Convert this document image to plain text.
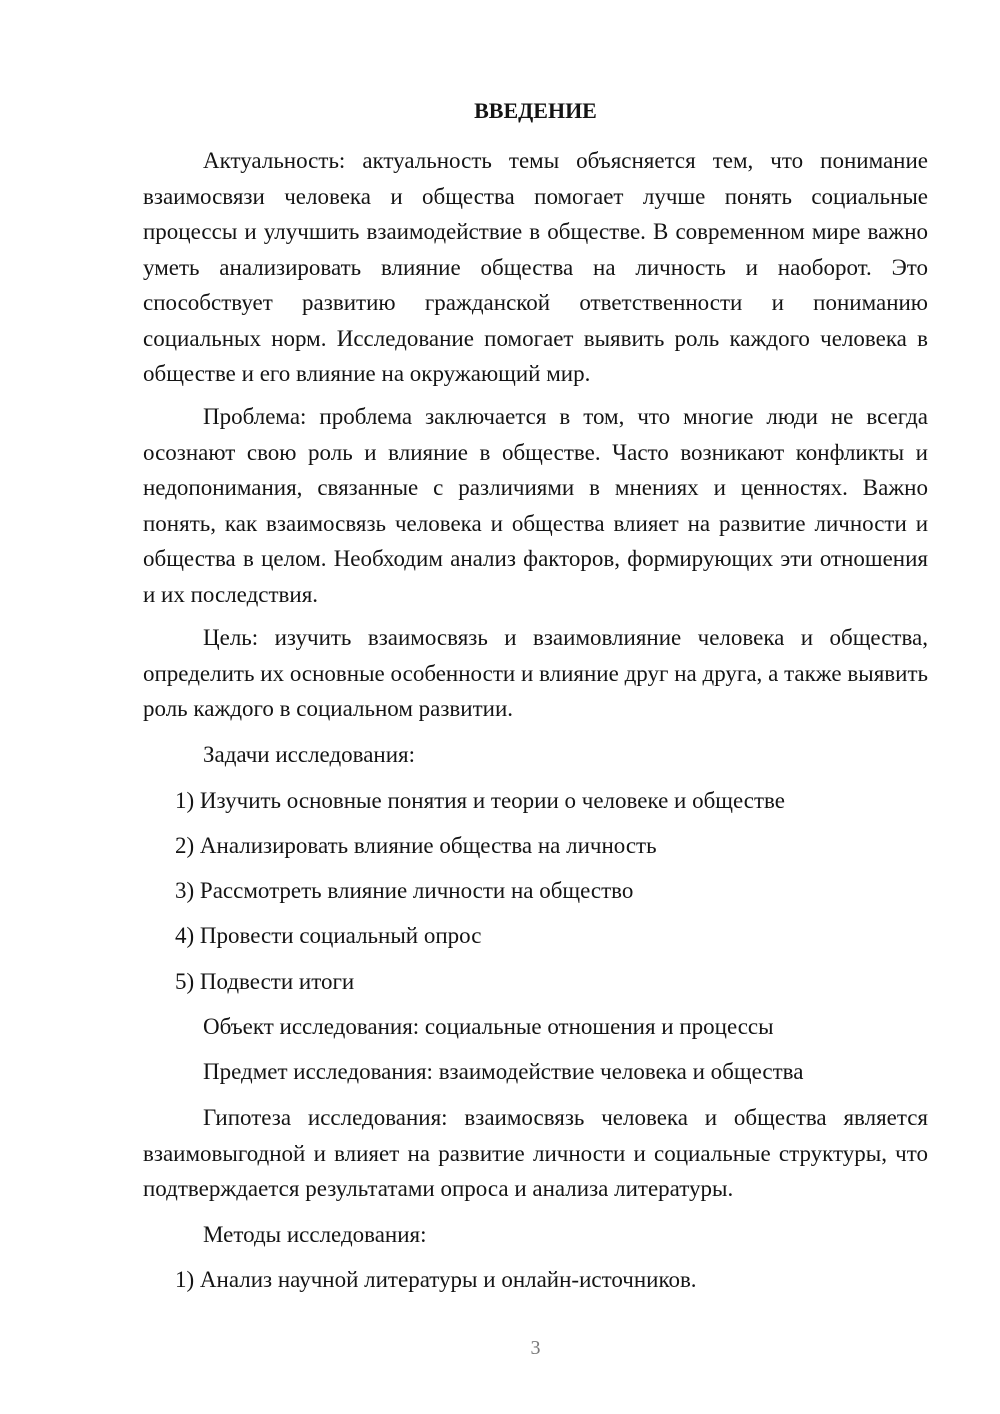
ВВЕДЕНИЕ

Актуальность: актуальность темы объясняется тем, что понимание взаимосвязи человека и общества помогает лучше понять социальные процессы и улучшить взаимодействие в обществе. В современном мире важно уметь анализировать влияние общества на личность и наоборот. Это способствует развитию гражданской ответственности и пониманию социальных норм. Исследование помогает выявить роль каждого человека в обществе и его влияние на окружающий мир.

Проблема: проблема заключается в том, что многие люди не всегда осознают свою роль и влияние в обществе. Часто возникают конфликты и недопонимания, связанные с различиями в мнениях и ценностях. Важно понять, как взаимосвязь человека и общества влияет на развитие личности и общества в целом. Необходим анализ факторов, формирующих эти отношения и их последствия.

Цель: изучить взаимосвязь и взаимовлияние человека и общества, определить их основные особенности и влияние друг на друга, а также выявить роль каждого в социальном развитии.

Задачи исследования:

1) Изучить основные понятия и теории о человеке и обществе

2) Анализировать влияние общества на личность

3) Рассмотреть влияние личности на общество

4) Провести социальный опрос

5) Подвести итоги

Объект исследования: социальные отношения и процессы

Предмет исследования: взаимодействие человека и общества

Гипотеза исследования: взаимосвязь человека и общества является взаимовыгодной и влияет на развитие личности и социальные структуры, что подтверждается результатами опроса и анализа литературы.

Методы исследования:

1) Анализ научной литературы и онлайн-источников.

3
